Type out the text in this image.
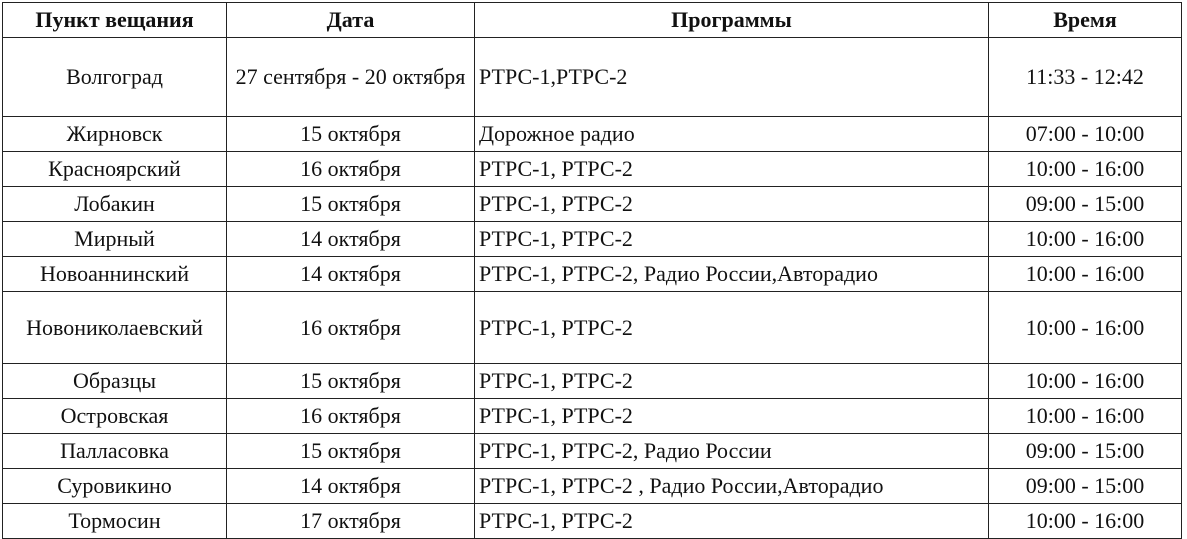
Пункт вещания	Дата	Программы	Время
Волгоград	27 сентября - 20 октября	РТРС-1,РТРС-2	11:33 - 12:42
Жирновск	15 октября	Дорожное радио	07:00 - 10:00
Красноярский	16 октября	РТРС-1, РТРС-2	10:00 - 16:00
Лобакин	15 октября	РТРС-1, РТРС-2	09:00 - 15:00
Мирный	14 октября	РТРС-1, РТРС-2	10:00 - 16:00
Новоаннинский	14 октября	РТРС-1, РТРС-2, Радио России,Авторадио	10:00 - 16:00
Новониколаевский	16 октября	РТРС-1, РТРС-2	10:00 - 16:00
Образцы	15 октября	РТРС-1, РТРС-2	10:00 - 16:00
Островская	16 октября	РТРС-1, РТРС-2	10:00 - 16:00
Палласовка	15 октября	РТРС-1, РТРС-2, Радио России	09:00 - 15:00
Суровикино	14 октября	РТРС-1, РТРС-2 , Радио России,Авторадио	09:00 - 15:00
Тормосин	17 октября	РТРС-1, РТРС-2	10:00 - 16:00
